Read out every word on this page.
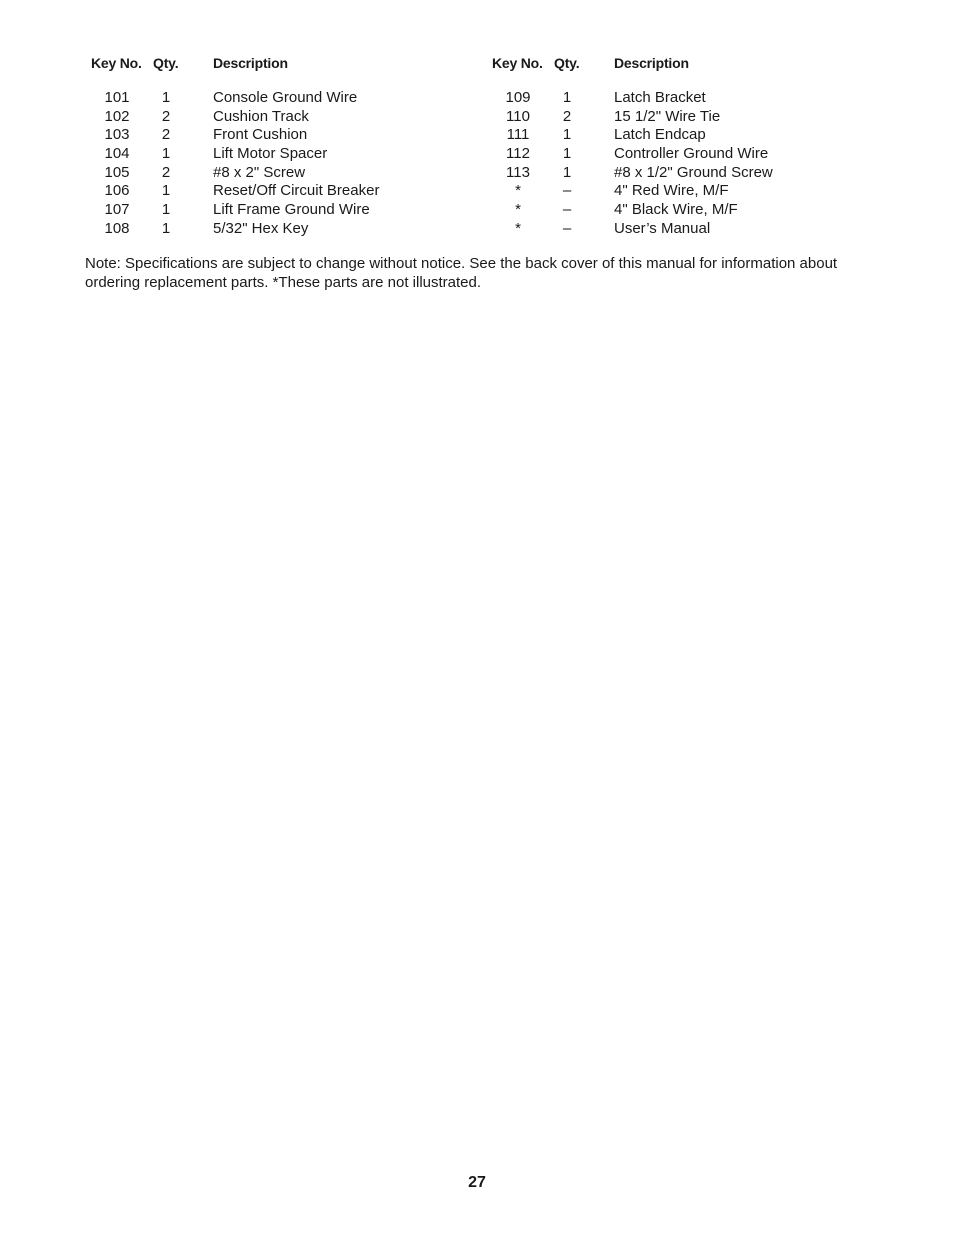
Key No. Qty. Description
101	1	Console Ground Wire
102	2	Cushion Track
103	2	Front Cushion
104	1	Lift Motor Spacer
105	2	#8 x 2" Screw
106	1	Reset/Off Circuit Breaker
107	1	Lift Frame Ground Wire
108	1	5/32" Hex Key
Key No. Qty. Description
109	1	Latch Bracket
110	2	15 1/2" Wire Tie
111	1	Latch Endcap
112	1	Controller Ground Wire
113	1	#8 x 1/2" Ground Screw
*	–	4" Red Wire, M/F
*	–	4" Black Wire, M/F
*	–	User’s Manual

Note: Specifications are subject to change without notice. See the back cover of this manual for information about ordering replacement parts. *These parts are not illustrated.

27
